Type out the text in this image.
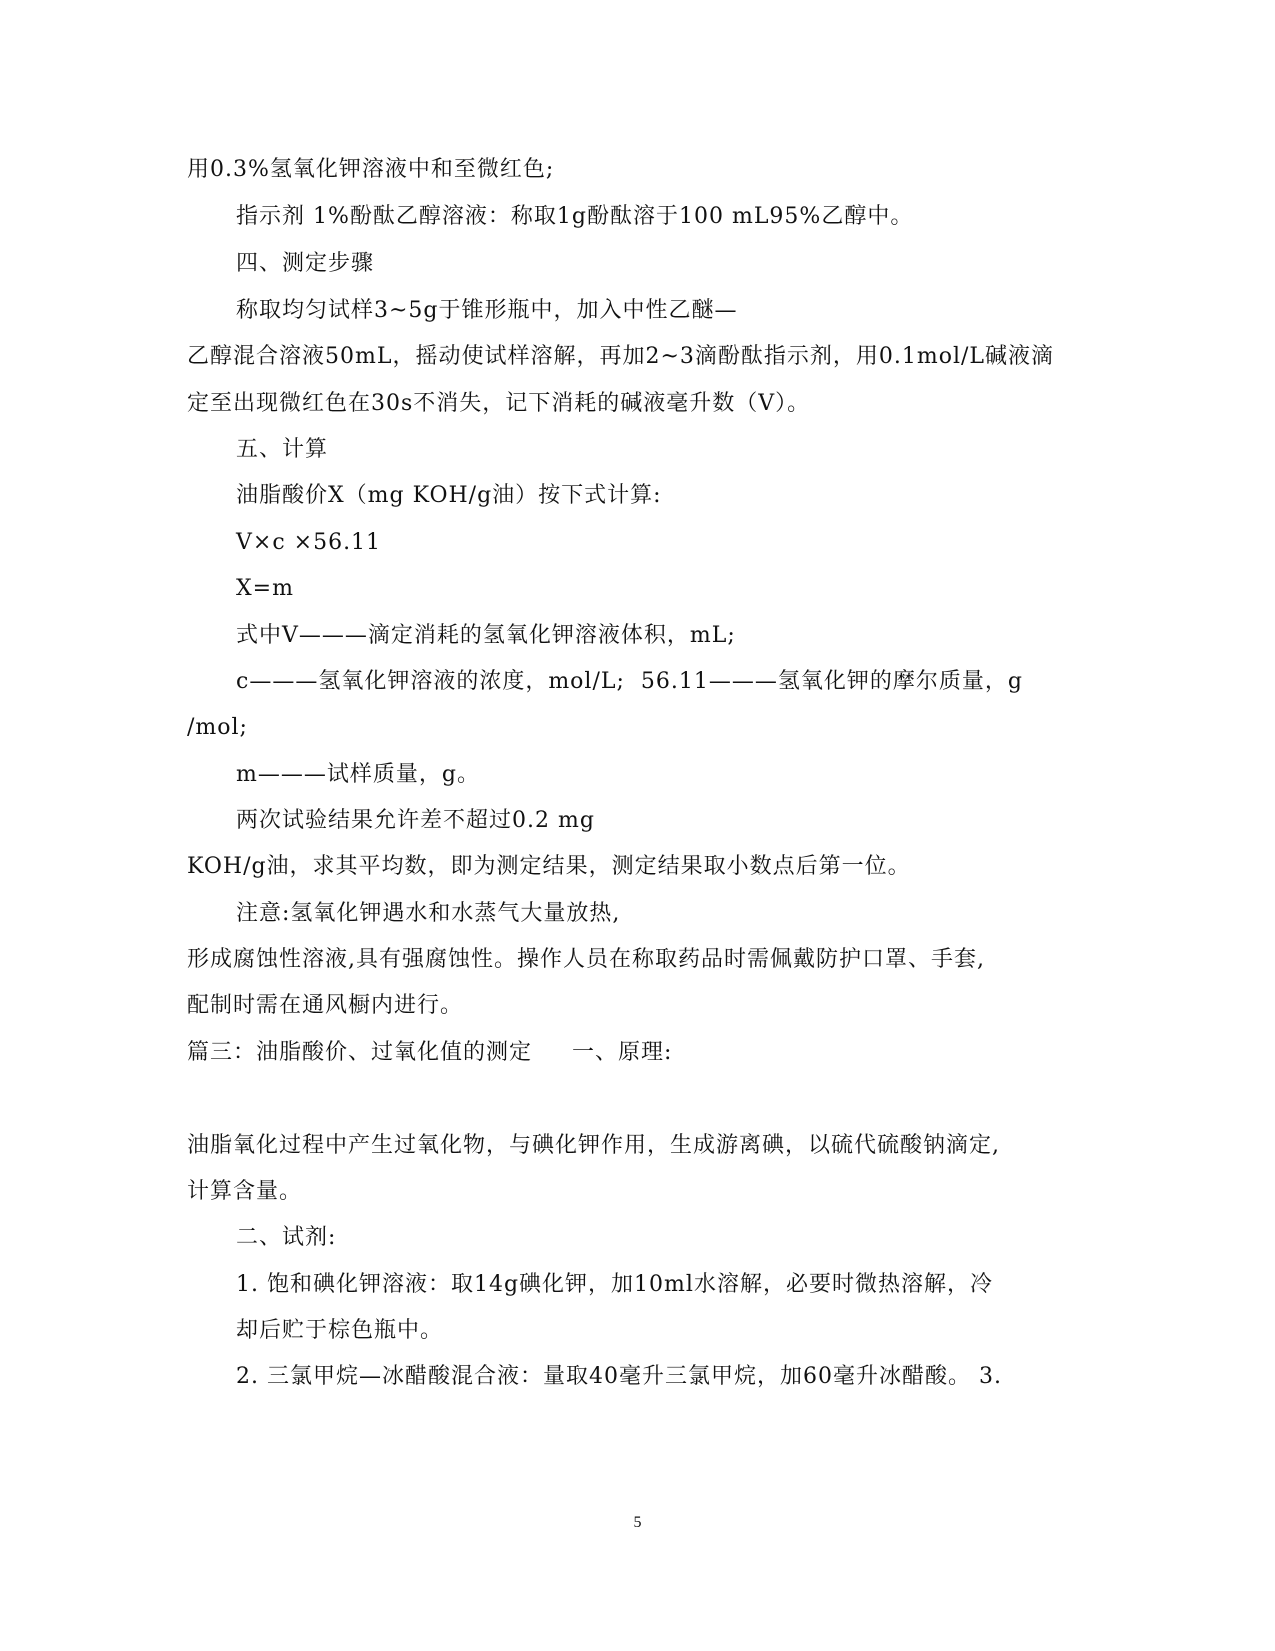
用0.3%氢氧化钾溶液中和至微红色;
指示剂 1%酚酞乙醇溶液：称取1g酚酞溶于100 mL95%乙醇中。
四、测定步骤
称取均匀试样3~5g于锥形瓶中，加入中性乙醚—
乙醇混合溶液50mL，摇动使试样溶解，再加2~3滴酚酞指示剂，用0.1mol/L碱液滴
定至出现微红色在30s不消失，记下消耗的碱液毫升数（V）。
五、计算
油脂酸价X（mg KOH/g油）按下式计算:
V×c ×56.11
X=m
式中V———滴定消耗的氢氧化钾溶液体积，mL;
c———氢氧化钾溶液的浓度，mol/L;  56.11———氢氧化钾的摩尔质量，g
/mol;
m———试样质量，g。
两次试验结果允许差不超过0.2 mg
KOH/g油，求其平均数，即为测定结果，测定结果取小数点后第一位。
注意:氢氧化钾遇水和水蒸气大量放热,
形成腐蚀性溶液,具有强腐蚀性。操作人员在称取药品时需佩戴防护口罩、手套,
配制时需在通风橱内进行。
篇三：油脂酸价、过氧化值的测定     一、原理:
油脂氧化过程中产生过氧化物，与碘化钾作用，生成游离碘，以硫代硫酸钠滴定,
计算含量。
二、试剂:
1. 饱和碘化钾溶液：取14g碘化钾，加10ml水溶解，必要时微热溶解，冷
却后贮于棕色瓶中。
2. 三氯甲烷—冰醋酸混合液：量取40毫升三氯甲烷，加60毫升冰醋酸。 3.
5
